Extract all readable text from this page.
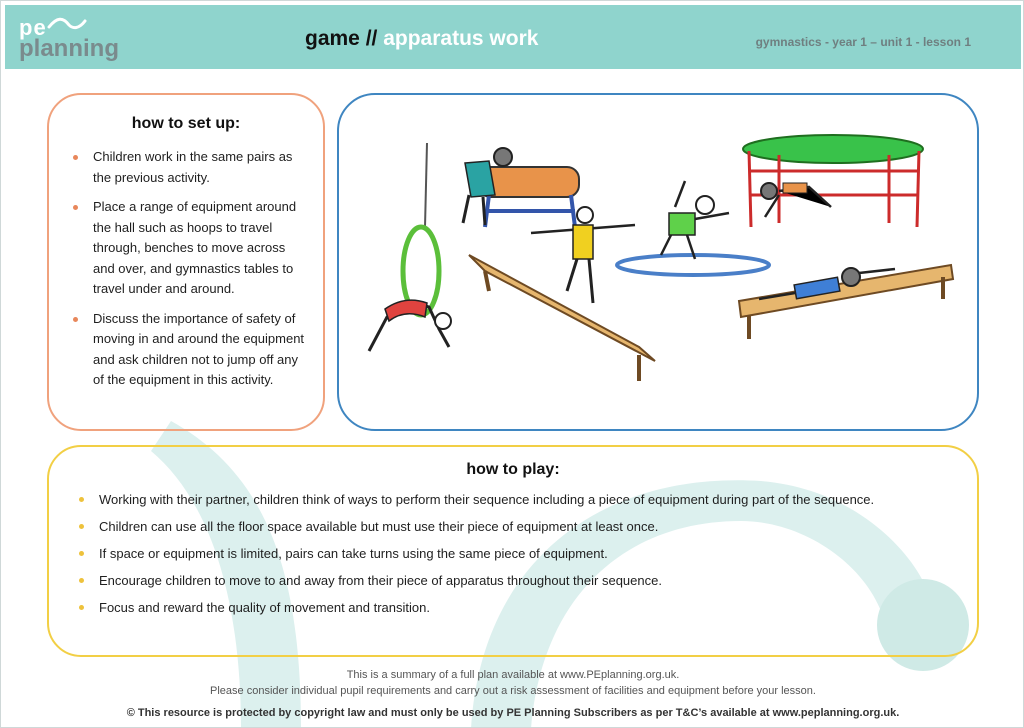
pe
planning	game // apparatus work	gymnastics - year 1 – unit 1 - lesson 1
how to set up:
Children work in the same pairs as the previous activity.
Place a range of equipment around the hall such as hoops to travel through, benches to move across and over, and gymnastics tables to travel under and around.
Discuss the importance of safety of moving in and around the equipment and ask children not to jump off any of the equipment in this activity.
how to play:
Working with their partner, children think of ways to perform their sequence including a piece of equipment during part of the sequence.
Children can use all the floor space available but must use their piece of equipment at least once.
If space or equipment is limited, pairs can take turns using the same piece of equipment.
Encourage children to move to and away from their piece of apparatus throughout their sequence.
Focus and reward the quality of movement and transition.
This is a summary of a full plan available at www.PEplanning.org.uk.
Please consider individual pupil requirements and carry out a risk assessment of facilities and equipment before your lesson.
© This resource is protected by copyright law and must only be used by PE Planning Subscribers as per T&C’s available at www.peplanning.org.uk.
